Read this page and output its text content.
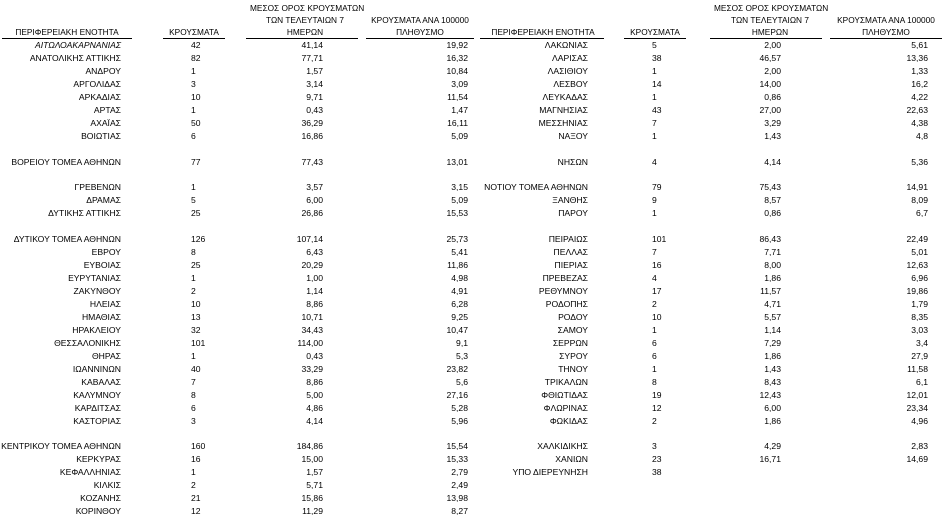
ΠΕΡΙΦΕΡΕΙΑΚΗ ΕΝΟΤΗΤΑ	ΚΡΟΥΣΜΑΤΑ
ΜΕΣΟΣ ΟΡΟΣ ΚΡΟΥΣΜΑΤΩΝ
ΤΩΝ ΤΕΛΕΥΤΑΙΩΝ 7
ΗΜΕΡΩΝ
ΚΡΟΥΣΜΑΤΑ ΑΝΑ 100000
ΠΛΗΘΥΣΜΟ
ΑΙΤΩΛΟΑΚΑΡΝΑΝΙΑΣ	42	41,14	19,92
ΑΝΑΤΟΛΙΚΗΣ ΑΤΤΙΚΗΣ	82	77,71	16,32
ΑΝΔΡΟΥ	1	1,57	10,84
ΑΡΓΟΛΙΔΑΣ	3	3,14	3,09
ΑΡΚΑΔΙΑΣ	10	9,71	11,54
ΑΡΤΑΣ	1	0,43	1,47
ΑΧΑΪΑΣ	50	36,29	16,11
ΒΟΙΩΤΙΑΣ	6	16,86	5,09
ΒΟΡΕΙΟΥ ΤΟΜΕΑ ΑΘΗΝΩΝ	77	77,43	13,01
ΓΡΕΒΕΝΩΝ	1	3,57	3,15
ΔΡΑΜΑΣ	5	6,00	5,09
ΔΥΤΙΚΗΣ ΑΤΤΙΚΗΣ	25	26,86	15,53
ΔΥΤΙΚΟΥ ΤΟΜΕΑ ΑΘΗΝΩΝ	126	107,14	25,73
ΕΒΡΟΥ	8	6,43	5,41
ΕΥΒΟΙΑΣ	25	20,29	11,86
ΕΥΡΥΤΑΝΙΑΣ	1	1,00	4,98
ΖΑΚΥΝΘΟΥ	2	1,14	4,91
ΗΛΕΙΑΣ	10	8,86	6,28
ΗΜΑΘΙΑΣ	13	10,71	9,25
ΗΡΑΚΛΕΙΟΥ	32	34,43	10,47
ΘΕΣΣΑΛΟΝΙΚΗΣ	101	114,00	9,1
ΘΗΡΑΣ	1	0,43	5,3
ΙΩΑΝΝΙΝΩΝ	40	33,29	23,82
ΚΑΒΑΛΑΣ	7	8,86	5,6
ΚΑΛΥΜΝΟΥ	8	5,00	27,16
ΚΑΡΔΙΤΣΑΣ	6	4,86	5,28
ΚΑΣΤΟΡΙΑΣ	3	4,14	5,96
ΚΕΝΤΡΙΚΟΥ ΤΟΜΕΑ ΑΘΗΝΩΝ	160	184,86	15,54
ΚΕΡΚΥΡΑΣ	16	15,00	15,33
ΚΕΦΑΛΛΗΝΙΑΣ	1	1,57	2,79
ΚΙΛΚΙΣ	2	5,71	2,49
ΚΟΖΑΝΗΣ	21	15,86	13,98
ΚΟΡΙΝΘΟΥ	12	11,29	8,27
ΠΕΡΙΦΕΡΕΙΑΚΗ ΕΝΟΤΗΤΑ	ΚΡΟΥΣΜΑΤΑ
ΜΕΣΟΣ ΟΡΟΣ ΚΡΟΥΣΜΑΤΩΝ
ΤΩΝ ΤΕΛΕΥΤΑΙΩΝ 7
ΗΜΕΡΩΝ
ΚΡΟΥΣΜΑΤΑ ΑΝΑ 100000
ΠΛΗΘΥΣΜΟ
ΛΑΚΩΝΙΑΣ	5	2,00	5,61
ΛΑΡΙΣΑΣ	38	46,57	13,36
ΛΑΣΙΘΙΟΥ	1	2,00	1,33
ΛΕΣΒΟΥ	14	14,00	16,2
ΛΕΥΚΑΔΑΣ	1	0,86	4,22
ΜΑΓΝΗΣΙΑΣ	43	27,00	22,63
ΜΕΣΣΗΝΙΑΣ	7	3,29	4,38
ΝΑΞΟΥ	1	1,43	4,8
ΝΗΣΩΝ	4	4,14	5,36
ΝΟΤΙΟΥ ΤΟΜΕΑ ΑΘΗΝΩΝ	79	75,43	14,91
ΞΑΝΘΗΣ	9	8,57	8,09
ΠΑΡΟΥ	1	0,86	6,7
ΠΕΙΡΑΙΩΣ	101	86,43	22,49
ΠΕΛΛΑΣ	7	7,71	5,01
ΠΙΕΡΙΑΣ	16	8,00	12,63
ΠΡΕΒΕΖΑΣ	4	1,86	6,96
ΡΕΘΥΜΝΟΥ	17	11,57	19,86
ΡΟΔΟΠΗΣ	2	4,71	1,79
ΡΟΔΟΥ	10	5,57	8,35
ΣΑΜΟΥ	1	1,14	3,03
ΣΕΡΡΩΝ	6	7,29	3,4
ΣΥΡΟΥ	6	1,86	27,9
ΤΗΝΟΥ	1	1,43	11,58
ΤΡΙΚΑΛΩΝ	8	8,43	6,1
ΦΘΙΩΤΙΔΑΣ	19	12,43	12,01
ΦΛΩΡΙΝΑΣ	12	6,00	23,34
ΦΩΚΙΔΑΣ	2	1,86	4,96
ΧΑΛΚΙΔΙΚΗΣ	3	4,29	2,83
ΧΑΝΙΩΝ	23	16,71	14,69
ΥΠΟ ΔΙΕΡΕΥΝΗΣΗ	38
